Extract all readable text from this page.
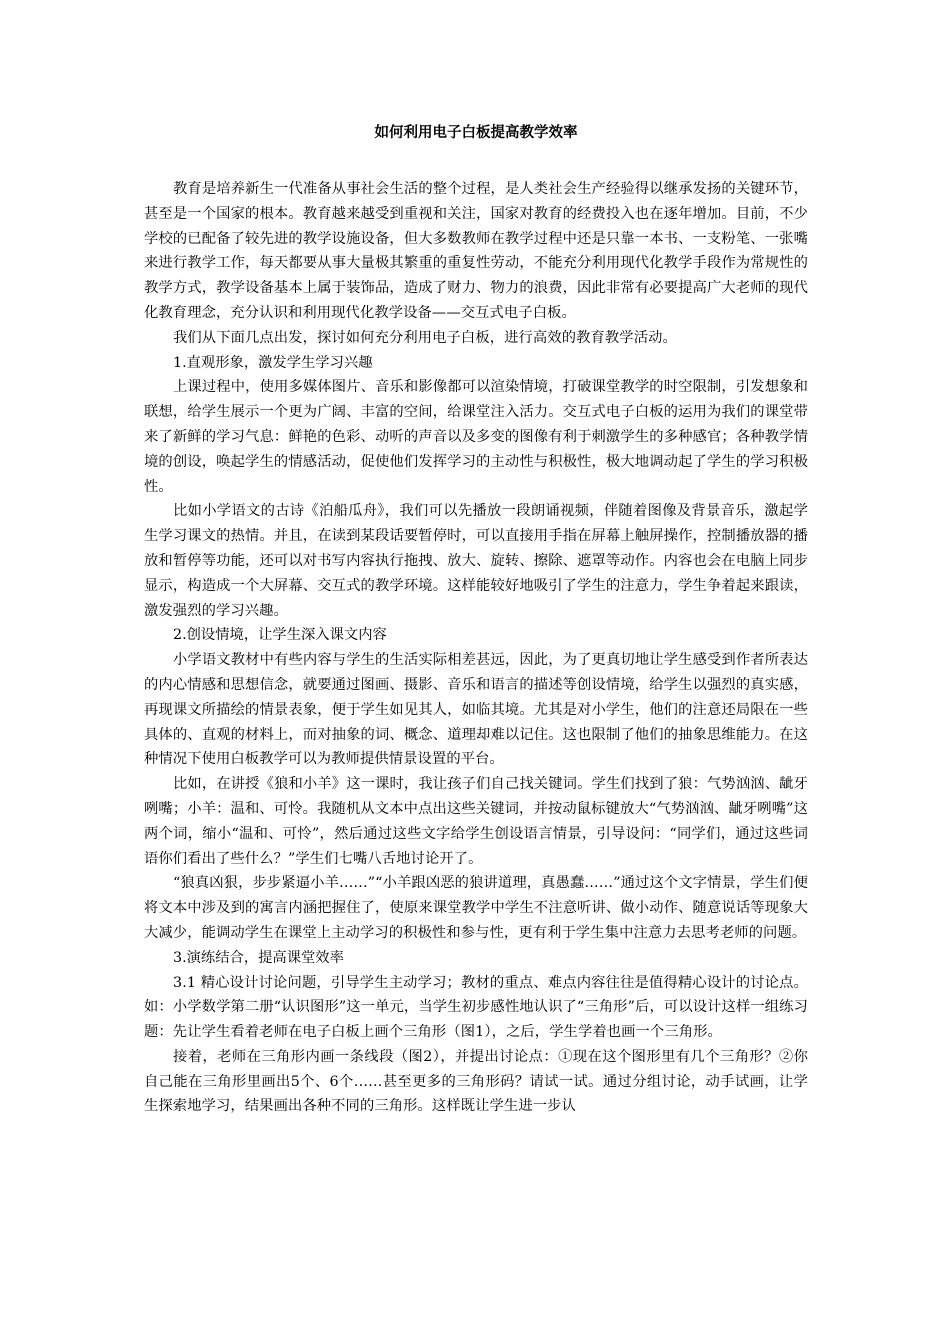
如何利用电子白板提高教学效率
教育是培养新生一代准备从事社会生活的整个过程，是人类社会生产经验得以继承发扬的关键环节，甚至是一个国家的根本。教育越来越受到重视和关注，国家对教育的经费投入也在逐年增加。目前，不少学校的已配备了较先进的教学设施设备，但大多数教师在教学过程中还是只靠一本书、一支粉笔、一张嘴来进行教学工作，每天都要从事大量极其繁重的重复性劳动，不能充分利用现代化教学手段作为常规性的教学方式，教学设备基本上属于装饰品，造成了财力、物力的浪费，因此非常有必要提高广大老师的现代化教育理念，充分认识和利用现代化教学设备——交互式电子白板。
我们从下面几点出发，探讨如何充分利用电子白板，进行高效的教育教学活动。
1.直观形象，激发学生学习兴趣
上课过程中，使用多媒体图片、音乐和影像都可以渲染情境，打破课堂教学的时空限制，引发想象和联想，给学生展示一个更为广阔、丰富的空间，给课堂注入活力。交互式电子白板的运用为我们的课堂带来了新鲜的学习气息：鲜艳的色彩、动听的声音以及多变的图像有利于刺激学生的多种感官；各种教学情境的创设，唤起学生的情感活动，促使他们发挥学习的主动性与积极性，极大地调动起了学生的学习积极性。
比如小学语文的古诗《泊船瓜舟》，我们可以先播放一段朗诵视频，伴随着图像及背景音乐，激起学生学习课文的热情。并且，在读到某段话要暂停时，可以直接用手指在屏幕上触屏操作，控制播放器的播放和暂停等功能，还可以对书写内容执行拖拽、放大、旋转、擦除、遮罩等动作。内容也会在电脑上同步显示，构造成一个大屏幕、交互式的教学环境。这样能较好地吸引了学生的注意力，学生争着起来跟读，激发强烈的学习兴趣。
2.创设情境，让学生深入课文内容
小学语文教材中有些内容与学生的生活实际相差甚远，因此，为了更真切地让学生感受到作者所表达的内心情感和思想信念，就要通过图画、摄影、音乐和语言的描述等创设情境，给学生以强烈的真实感，再现课文所描绘的情景表象，便于学生如见其人，如临其境。尤其是对小学生，他们的注意还局限在一些具体的、直观的材料上，而对抽象的词、概念、道理却难以记住。这也限制了他们的抽象思维能力。在这种情况下使用白板教学可以为教师提供情景设置的平台。
比如，在讲授《狼和小羊》这一课时，我让孩子们自己找关键词。学生们找到了狼：气势汹汹、龇牙咧嘴；小羊：温和、可怜。我随机从文本中点出这些关键词，并按动鼠标键放大“气势汹汹、龇牙咧嘴”这两个词，缩小“温和、可怜”，然后通过这些文字给学生创设语言情景，引导设问：“同学们，通过这些词语你们看出了些什么？”学生们七嘴八舌地讨论开了。
“狼真凶狠，步步紧逼小羊……”“小羊跟凶恶的狼讲道理，真愚蠢……”通过这个文字情景，学生们便将文本中涉及到的寓言内涵把握住了，使原来课堂教学中学生不注意听讲、做小动作、随意说话等现象大大减少，能调动学生在课堂上主动学习的积极性和参与性，更有利于学生集中注意力去思考老师的问题。
3.演练结合，提高课堂效率
3.1 精心设计讨论问题，引导学生主动学习；教材的重点、难点内容往往是值得精心设计的讨论点。如：小学数学第二册“认识图形”这一单元，当学生初步感性地认识了“三角形”后，可以设计这样一组练习题：先让学生看着老师在电子白板上画个三角形（图1），之后，学生学着也画一个三角形。
接着，老师在三角形内画一条线段（图2），并提出讨论点：①现在这个图形里有几个三角形？②你自己能在三角形里画出5个、6个……甚至更多的三角形码？请试一试。通过分组讨论，动手试画，让学生探索地学习，结果画出各种不同的三角形。这样既让学生进一步认
